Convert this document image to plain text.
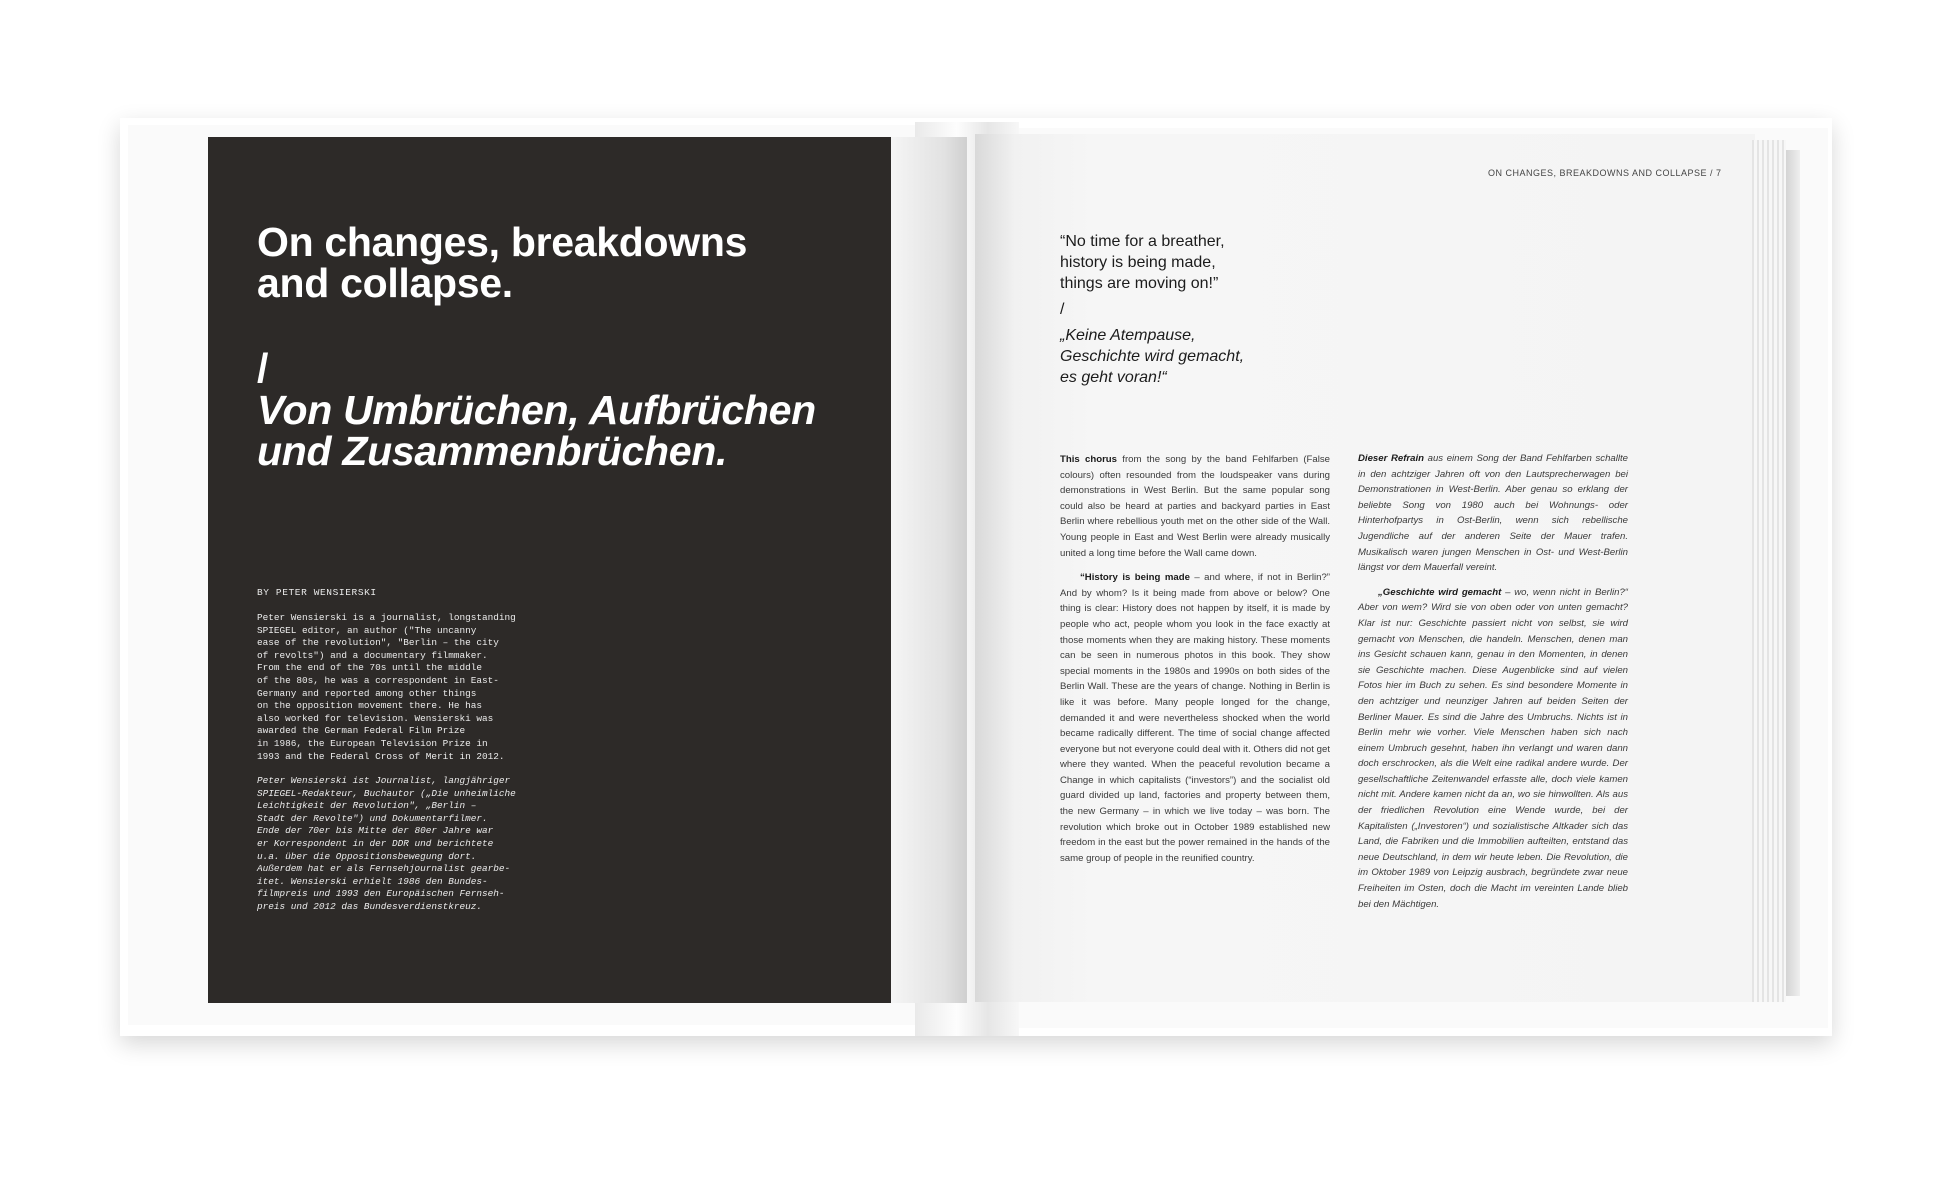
On changes, breakdowns and collapse.
/
Von Umbrüchen, Aufbrüchen und Zusammenbrüchen.
BY PETER WENSIERSKI
Peter Wensierski is a journalist, longstanding
SPIEGEL editor, an author ("The uncanny
ease of the revolution", "Berlin – the city
of revolts") and a documentary filmmaker.
From the end of the 70s until the middle
of the 80s, he was a correspondent in East-
Germany and reported among other things
on the opposition movement there. He has
also worked for television. Wensierski was
awarded the German Federal Film Prize
in 1986, the European Television Prize in
1993 and the Federal Cross of Merit in 2012.
Peter Wensierski ist Journalist, langjähriger
SPIEGEL-Redakteur, Buchautor („Die unheimliche
Leichtigkeit der Revolution", „Berlin –
Stadt der Revolte") und Dokumentarfilmer.
Ende der 70er bis Mitte der 80er Jahre war
er Korrespondent in der DDR und berichtete
u.a. über die Oppositionsbewegung dort.
Außerdem hat er als Fernsehjournalist gearbe-
itet. Wensierski erhielt 1986 den Bundes-
filmpreis und 1993 den Europäischen Fernseh-
preis und 2012 das Bundesverdienstkreuz.
ON CHANGES, BREAKDOWNS AND COLLAPSE / 7
“No time for a breather,
history is being made,
things are moving on!”
/
„Keine Atempause,
Geschichte wird gemacht,
es geht voran!“

This chorus from the song by the band Fehlfarben (False colours) often resounded from the loudspeaker vans during demonstrations in West Berlin. But the same popular song could also be heard at parties and backyard parties in East Berlin where rebellious youth met on the other side of the Wall. Young people in East and West Berlin were already musically united a long time before the Wall came down.

“History is being made – and where, if not in Berlin?” And by whom? Is it being made from above or below? One thing is clear: History does not happen by itself, it is made by people who act, people whom you look in the face exactly at those moments when they are making history. These moments can be seen in numerous photos in this book. They show special moments in the 1980s and 1990s on both sides of the Berlin Wall. These are the years of change. Nothing in Berlin is like it was before. Many people longed for the change, demanded it and were nevertheless shocked when the world became radically different. The time of social change affected everyone but not everyone could deal with it. Others did not get where they wanted. When the peaceful revolution became a Change in which capitalists (“investors”) and the socialist old guard divided up land, factories and property between them, the new Germany – in which we live today – was born. The revolution which broke out in October 1989 established new freedom in the east but the power remained in the hands of the same group of people in the reunified country.

Dieser Refrain aus einem Song der Band Fehlfarben schallte in den achtziger Jahren oft von den Lautsprecherwagen bei Demonstrationen in West-Berlin. Aber genau so erklang der beliebte Song von 1980 auch bei Wohnungs- oder Hinterhofpartys in Ost-Berlin, wenn sich rebellische Jugendliche auf der anderen Seite der Mauer trafen. Musikalisch waren jungen Menschen in Ost- und West-Berlin längst vor dem Mauerfall vereint.

„Geschichte wird gemacht – wo, wenn nicht in Berlin?“ Aber von wem? Wird sie von oben oder von unten gemacht? Klar ist nur: Geschichte passiert nicht von selbst, sie wird gemacht von Menschen, die handeln. Menschen, denen man ins Gesicht schauen kann, genau in den Momenten, in denen sie Geschichte machen. Diese Augenblicke sind auf vielen Fotos hier im Buch zu sehen. Es sind besondere Momente in den achtziger und neunziger Jahren auf beiden Seiten der Berliner Mauer. Es sind die Jahre des Umbruchs. Nichts ist in Berlin mehr wie vorher. Viele Menschen haben sich nach einem Umbruch gesehnt, haben ihn verlangt und waren dann doch erschrocken, als die Welt eine radikal andere wurde. Der gesellschaftliche Zeitenwandel erfasste alle, doch viele kamen nicht mit. Andere kamen nicht da an, wo sie hinwollten. Als aus der friedlichen Revolution eine Wende wurde, bei der Kapitalisten („Investoren“) und sozialistische Altkader sich das Land, die Fabriken und die Immobilien aufteilten, entstand das neue Deutschland, in dem wir heute leben. Die Revolution, die im Oktober 1989 von Leipzig ausbrach, begründete zwar neue Freiheiten im Osten, doch die Macht im vereinten Lande blieb bei den Mächtigen.
